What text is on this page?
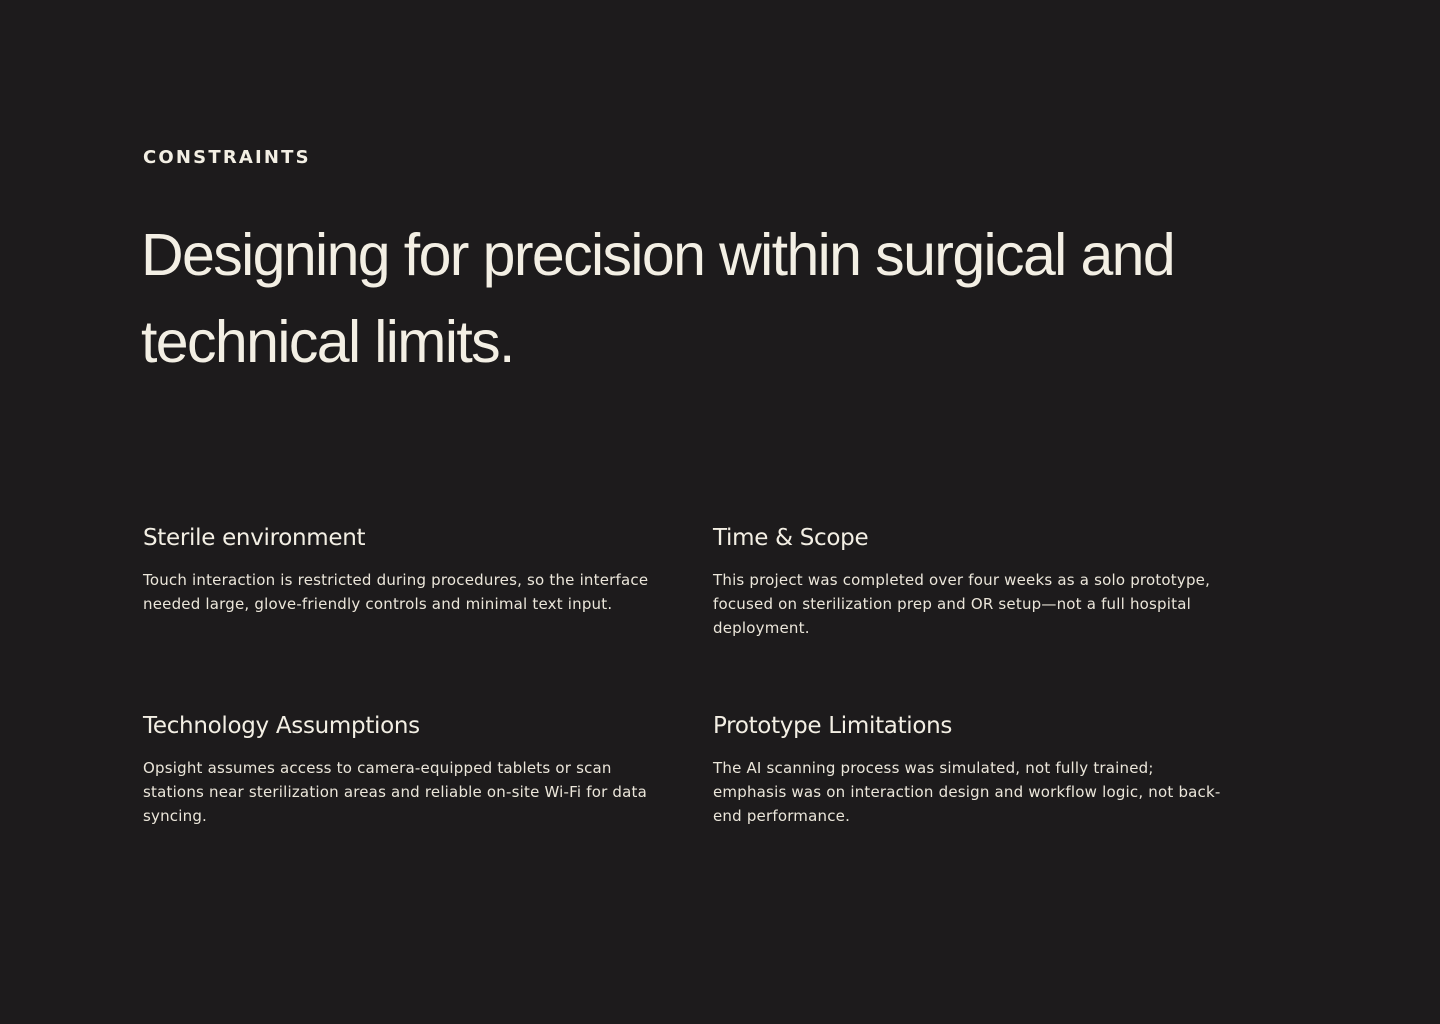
CONSTRAINTS
Designing for precision within surgical and technical limits.
Sterile environment

Touch interaction is restricted during procedures, so the interface needed large, glove-friendly controls and minimal text input.

Time & Scope

This project was completed over four weeks as a solo prototype, focused on sterilization prep and OR setup—not a full hospital deployment.

Technology Assumptions

Opsight assumes access to camera-equipped tablets or scan stations near sterilization areas and reliable on-site Wi-Fi for data syncing.

Prototype Limitations

The AI scanning process was simulated, not fully trained; emphasis was on interaction design and workflow logic, not back-end performance.
